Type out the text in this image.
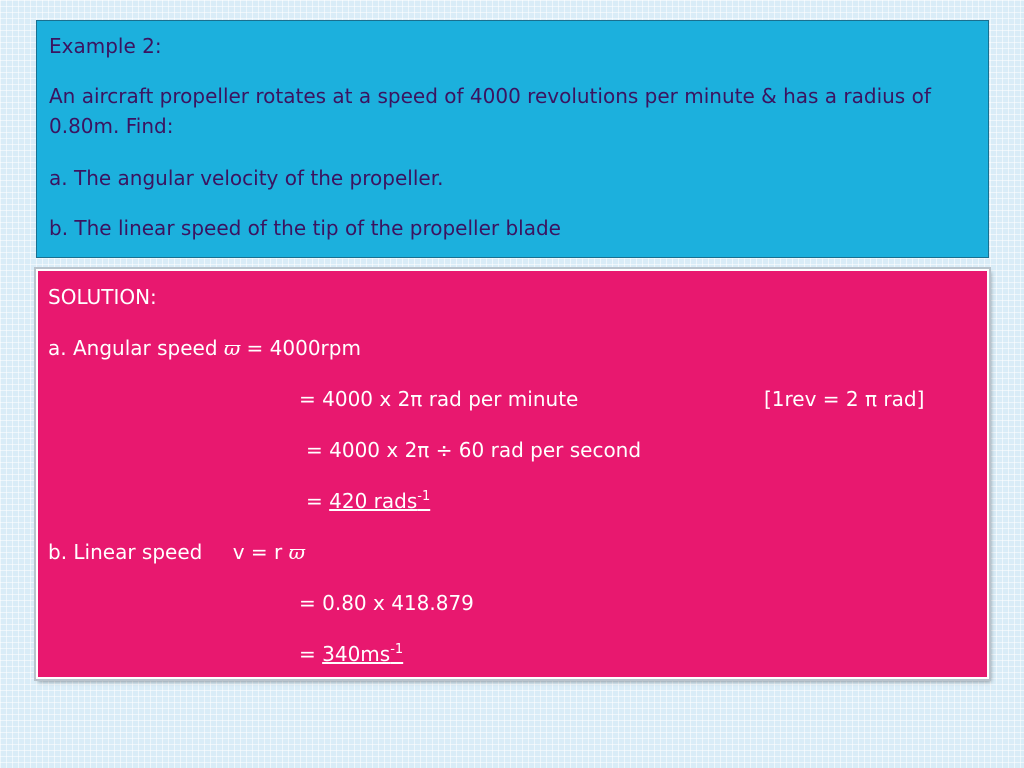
Example 2:

An aircraft propeller rotates at a speed of 4000 revolutions per minute & has a radius of 0.80m. Find:

a. The angular velocity of the propeller.

b. The linear speed of the tip of the propeller blade

SOLUTION:
a. Angular speed ϖ = 4000rpm
= 4000 x 2π rad per minute	[1rev = 2 π rad]
= 4000 x 2π ÷ 60 rad per second
= 420 rads$^{-1}$
b. Linear speed v = r ϖ
= 0.80 x 418.879
= $340ms^{-1}$
